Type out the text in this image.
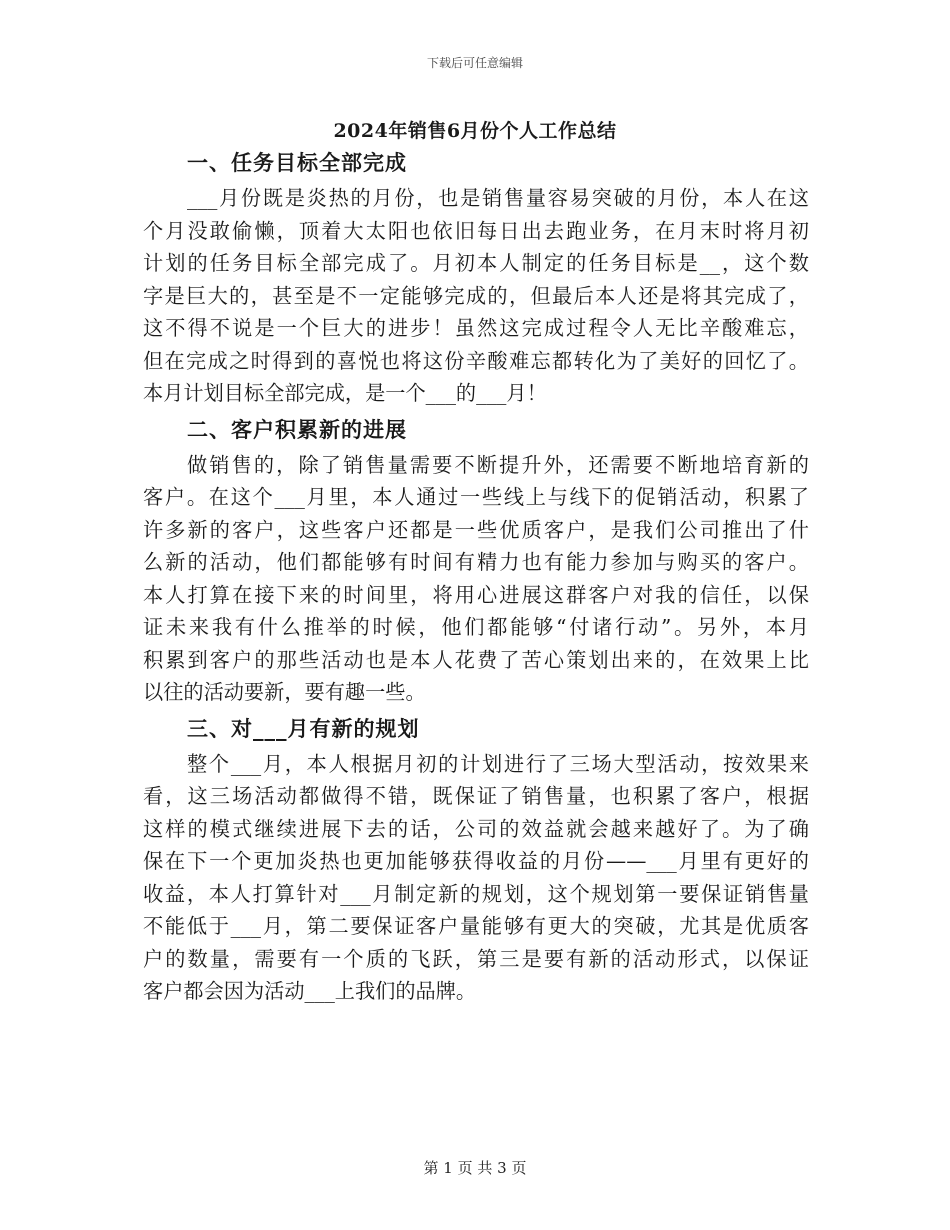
下载后可任意编辑
2024年销售6月份个人工作总结
一、任务目标全部完成
___月份既是炎热的月份，也是销售量容易突破的月份，本人在这
个月没敢偷懒，顶着大太阳也依旧每日出去跑业务，在月末时将月初
计划的任务目标全部完成了。月初本人制定的任务目标是__，这个数
字是巨大的，甚至是不一定能够完成的，但最后本人还是将其完成了，
这不得不说是一个巨大的进步！虽然这完成过程令人无比辛酸难忘，
但在完成之时得到的喜悦也将这份辛酸难忘都转化为了美好的回忆了。
本月计划目标全部完成，是一个___的___月！
二、客户积累新的进展
做销售的，除了销售量需要不断提升外，还需要不断地培育新的
客户。在这个___月里，本人通过一些线上与线下的促销活动，积累了
许多新的客户，这些客户还都是一些优质客户，是我们公司推出了什
么新的活动，他们都能够有时间有精力也有能力参加与购买的客户。
本人打算在接下来的时间里，将用心进展这群客户对我的信任，以保
证未来我有什么推举的时候，他们都能够“付诸行动”。另外，本月
积累到客户的那些活动也是本人花费了苦心策划出来的，在效果上比
以往的活动要新，要有趣一些。
三、对___月有新的规划
整个___月，本人根据月初的计划进行了三场大型活动，按效果来
看，这三场活动都做得不错，既保证了销售量，也积累了客户，根据
这样的模式继续进展下去的话，公司的效益就会越来越好了。为了确
保在下一个更加炎热也更加能够获得收益的月份——___月里有更好的
收益，本人打算针对___月制定新的规划，这个规划第一要保证销售量
不能低于___月，第二要保证客户量能够有更大的突破，尤其是优质客
户的数量，需要有一个质的飞跃，第三是要有新的活动形式，以保证
客户都会因为活动___上我们的品牌。
第 1 页 共 3 页
